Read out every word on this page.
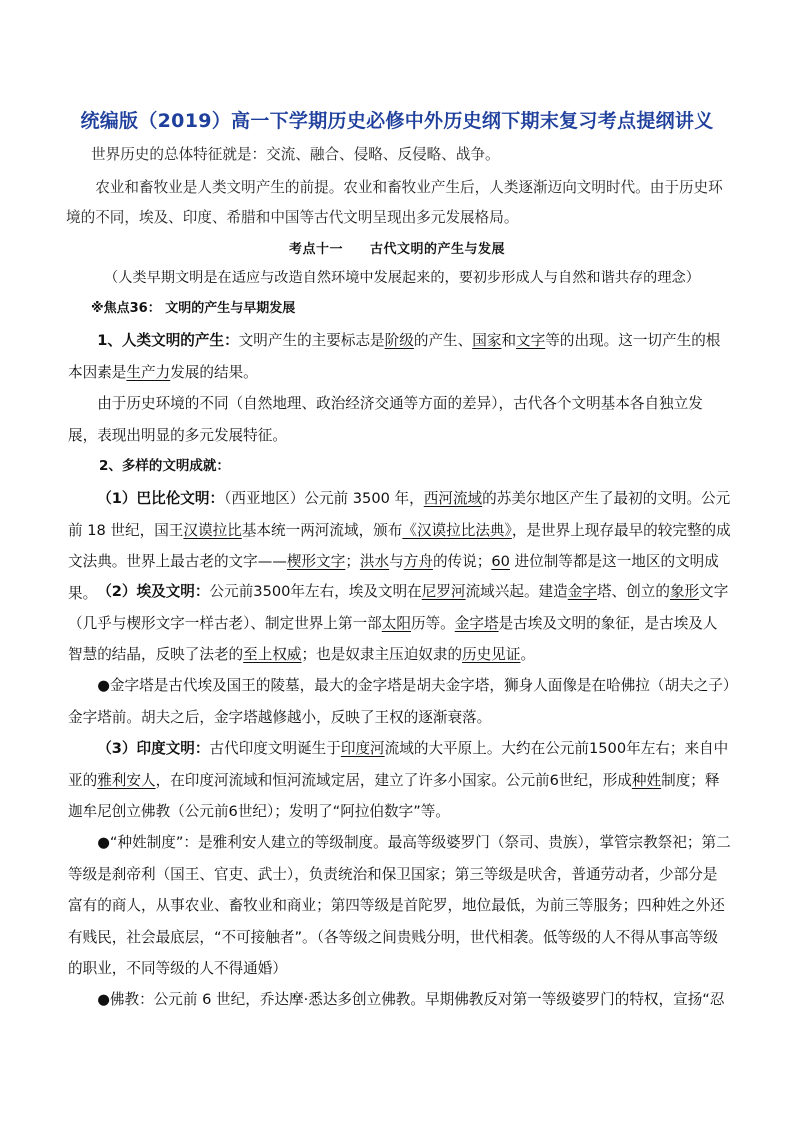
统编版（2019）高一下学期历史必修中外历史纲下期末复习考点提纲讲义
世界历史的总体特征就是：交流、融合、侵略、反侵略、战争。
农业和畜牧业是人类文明产生的前提。农业和畜牧业产生后，人类逐渐迈向文明时代。由于历史环境的不同，埃及、印度、希腊和中国等古代文明呈现出多元发展格局。
考点十一　　古代文明的产生与发展
（人类早期文明是在适应与改造自然环境中发展起来的，要初步形成人与自然和谐共存的理念）
※焦点36： 文明的产生与早期发展
1、人类文明的产生：文明产生的主要标志是阶级的产生、国家和文字等的出现。这一切产生的根本因素是生产力发展的结果。
由于历史环境的不同（自然地理、政治经济交通等方面的差异），古代各个文明基本各自独立发展，表现出明显的多元发展特征。
2、多样的文明成就：
（1）巴比伦文明：（西亚地区）公元前 3500 年，西河流域的苏美尔地区产生了最初的文明。公元前 18 世纪，国王汉谟拉比基本统一两河流域，颁布《汉谟拉比法典》，是世界上现存最早的较完整的成文法典。世界上最古老的文字——楔形文字；洪水与方舟的传说；60 进位制等都是这一地区的文明成果。 （2）埃及文明：公元前3500年左右，埃及文明在尼罗河流域兴起。建造金字塔、创立的象形文字（几乎与楔形文字一样古老）、制定世界上第一部太阳历等。金字塔是古埃及文明的象征，是古埃及人智慧的结晶，反映了法老的至上权威；也是奴隶主压迫奴隶的历史见证。
●金字塔是古代埃及国王的陵墓，最大的金字塔是胡夫金字塔，狮身人面像是在哈佛拉（胡夫之子）金字塔前。胡夫之后，金字塔越修越小，反映了王权的逐渐衰落。
（3）印度文明：古代印度文明诞生于印度河流域的大平原上。大约在公元前1500年左右；来自中亚的雅利安人，在印度河流域和恒河流域定居，建立了许多小国家。公元前6世纪，形成种姓制度；释迦牟尼创立佛教（公元前6世纪）；发明了“阿拉伯数字”等。
●“种姓制度”：是雅利安人建立的等级制度。最高等级婆罗门（祭司、贵族），掌管宗教祭祀；第二等级是刹帝利（国王、官吏、武士），负责统治和保卫国家；第三等级是吠舍，普通劳动者，少部分是富有的商人，从事农业、畜牧业和商业；第四等级是首陀罗，地位最低，为前三等服务；四种姓之外还有贱民，社会最底层，“不可接触者”。（各等级之间贵贱分明，世代相袭。低等级的人不得从事高等级的职业，不同等级的人不得通婚）
●佛教：公元前 6 世纪，乔达摩·悉达多创立佛教。早期佛教反对第一等级婆罗门的特权，宣扬“忍
